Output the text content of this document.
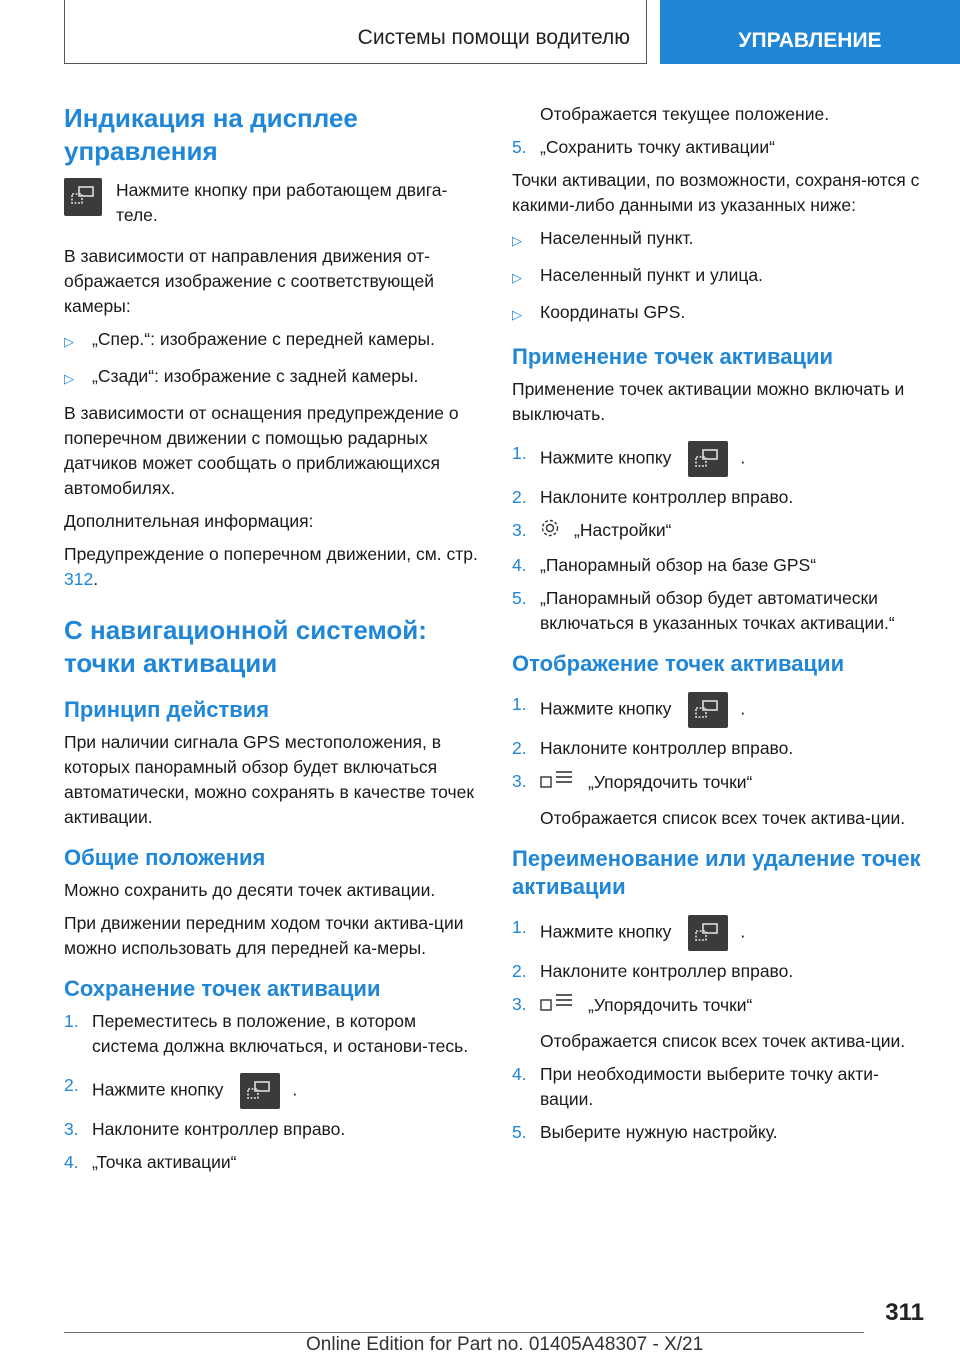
Системы помощи водителю	УПРАВЛЕНИЕ
Индикация на дисплее управления
Нажмите кнопку при работающем двига-теле.

В зависимости от направления движения от-ображается изображение с соответствующей камеры:

▷	„Спер.“: изображение с передней камеры.
▷	„Сзади“: изображение с задней камеры.

В зависимости от оснащения предупреждение о поперечном движении с помощью радарных датчиков может сообщать о приближающихся автомобилях.

Дополнительная информация:

Предупреждение о поперечном движении, см. стр. 312.

С навигационной системой: точки активации
Принцип действия

При наличии сигнала GPS местоположения, в которых панорамный обзор будет включаться автоматически, можно сохранять в качестве точек активации.

Общие положения

Можно сохранить до десяти точек активации.

При движении передним ходом точки актива-ции можно использовать для передней ка-меры.

Сохранение точек активации
1. Переместитесь в положение, в котором система должна включаться, и останови-тесь.
2. Нажмите кнопку	.
3. Наклоните контроллер вправо.
4. „Точка активации“

Отображается текущее положение.

5. „Сохранить точку активации“

Точки активации, по возможности, сохраня-ются с какими-либо данными из указанных ниже:

▷	Населенный пункт.
▷	Населенный пункт и улица.
▷	Координаты GPS.
Применение точек активации

Применение точек активации можно включать и выключать.

1. Нажмите кнопку	.
2. Наклоните контроллер вправо.
3.	„Настройки“
4. „Панорамный обзор на базе GPS“
5. „Панорамный обзор будет автоматически включаться в указанных точках активации.“
Отображение точек активации
1. Нажмите кнопку	.
2. Наклоните контроллер вправо.
3.	„Упорядочить точки“

Отображается список всех точек актива-ции.

Переименование или удаление точек активации
1. Нажмите кнопку	.
2. Наклоните контроллер вправо.
3.	„Упорядочить точки“

Отображается список всех точек актива-ции.

4. При необходимости выберите точку акти-вации.
5. Выберите нужную настройку.
311
Online Edition for Part no. 01405A48307 - X/21
